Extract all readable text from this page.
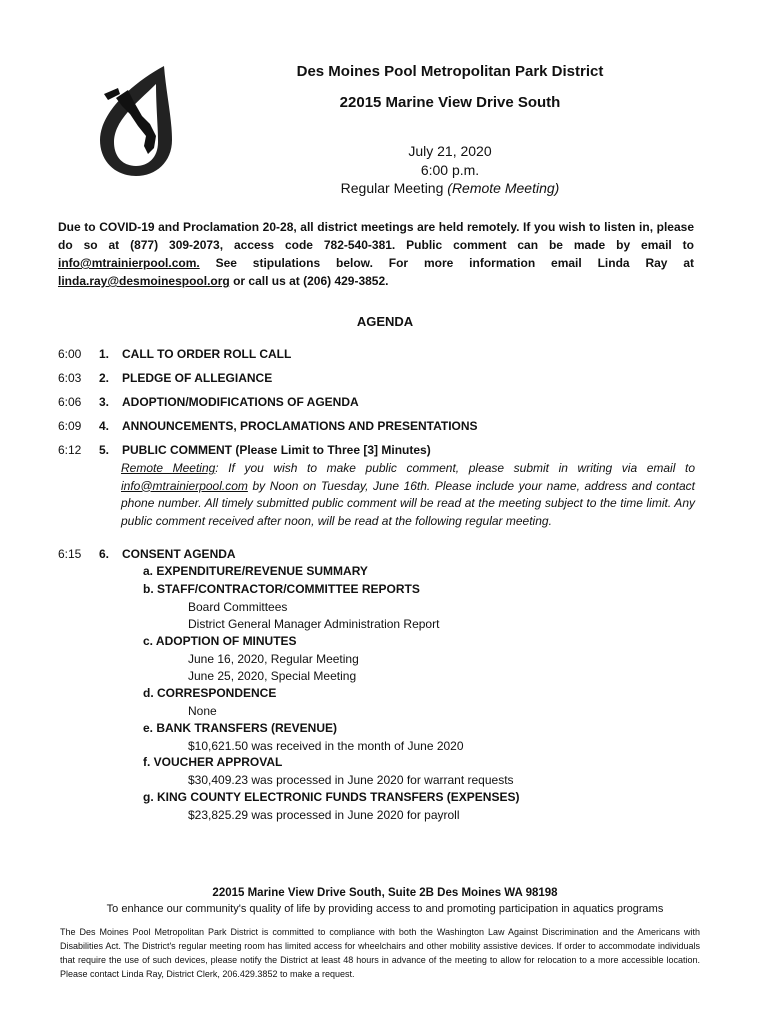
Des Moines Pool Metropolitan Park District
22015 Marine View Drive South
July 21, 2020
6:00 p.m.
Regular Meeting (Remote Meeting)
Due to COVID-19 and Proclamation 20-28, all district meetings are held remotely. If you wish to listen in, please do so at (877) 309-2073, access code 782-540-381. Public comment can be made by email to info@mtrainierpool.com. See stipulations below. For more information email Linda Ray at linda.ray@desmoinespool.org or call us at (206) 429-3852.
AGENDA
6:00	1.	CALL TO ORDER ROLL CALL
6:03	2.	PLEDGE OF ALLEGIANCE
6:06	3.	ADOPTION/MODIFICATIONS OF AGENDA
6:09	4.	ANNOUNCEMENTS, PROCLAMATIONS AND PRESENTATIONS
6:12	5.	PUBLIC COMMENT (Please Limit to Three [3] Minutes)
Remote Meeting: If you wish to make public comment, please submit in writing via email to info@mtrainierpool.com by Noon on Tuesday, June 16th. Please include your name, address and contact phone number. All timely submitted public comment will be read at the meeting subject to the time limit. Any public comment received after noon, will be read at the following regular meeting.
6:15	6.	CONSENT AGENDA
a. EXPENDITURE/REVENUE SUMMARY
b. STAFF/CONTRACTOR/COMMITTEE REPORTS
Board Committees
District General Manager Administration Report
c. ADOPTION OF MINUTES
June 16, 2020, Regular Meeting
June 25, 2020, Special Meeting
d. CORRESPONDENCE
None
e. BANK TRANSFERS (REVENUE)
$10,621.50 was received in the month of June 2020
f. VOUCHER APPROVAL
$30,409.23 was processed in June 2020 for warrant requests
g. KING COUNTY ELECTRONIC FUNDS TRANSFERS (EXPENSES)
$23,825.29 was processed in June 2020 for payroll
22015 Marine View Drive South, Suite 2B Des Moines WA 98198
To enhance our community's quality of life by providing access to and promoting participation in aquatics programs
The Des Moines Pool Metropolitan Park District is committed to compliance with both the Washington Law Against Discrimination and the Americans with Disabilities Act. The District's regular meeting room has limited access for wheelchairs and other mobility assistive devices. If order to accommodate individuals that require the use of such devices, please notify the District at least 48 hours in advance of the meeting to allow for relocation to a more accessible location. Please contact Linda Ray, District Clerk, 206.429.3852 to make a request.
